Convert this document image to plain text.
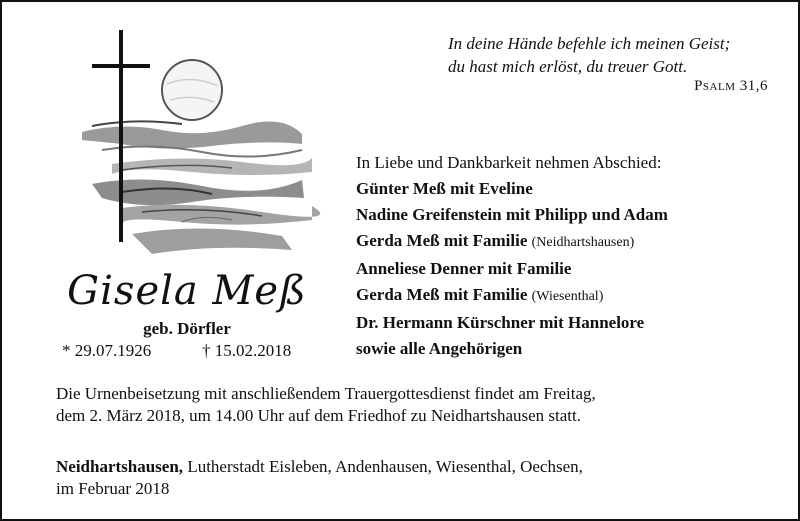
In deine Hände befehle ich meinen Geist;
du hast mich erlöst, du treuer Gott.
Psalm 31,6
Gisela Meß
geb. Dörfler
* 29.07.1926	† 15.02.2018
In Liebe und Dankbarkeit nehmen Abschied:
Günter Meß mit Eveline
Nadine Greifenstein mit Philipp und Adam
Gerda Meß mit Familie (Neidhartshausen)
Anneliese Denner mit Familie
Gerda Meß mit Familie (Wiesenthal)
Dr. Hermann Kürschner mit Hannelore
sowie alle Angehörigen
Die Urnenbeisetzung mit anschließendem Trauergottesdienst findet am Freitag,
dem 2. März 2018, um 14.00 Uhr auf dem Friedhof zu Neidhartshausen statt.
Neidhartshausen, Lutherstadt Eisleben, Andenhausen, Wiesenthal, Oechsen,
im Februar 2018
